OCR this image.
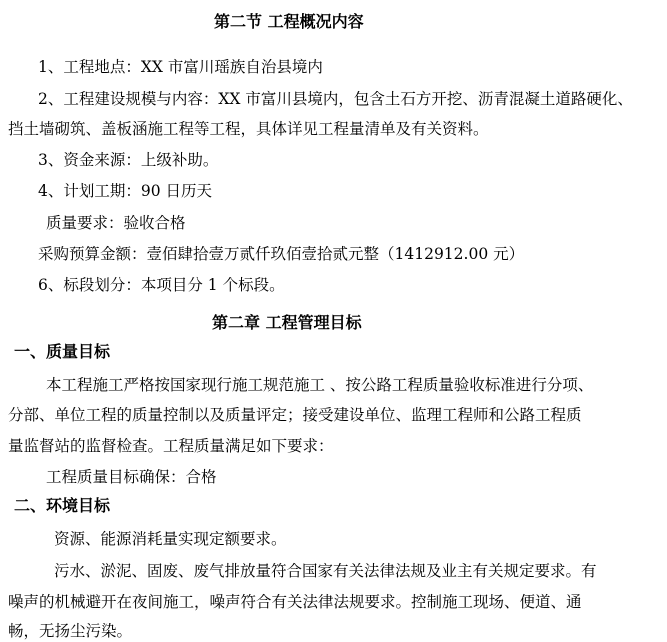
第二节 工程概况内容
1、工程地点：XX 市富川瑶族自治县境内
2、工程建设规模与内容：XX 市富川县境内，包含土石方开挖、沥青混凝土道路硬化、
挡土墙砌筑、盖板涵施工程等工程，具体详见工程量清单及有关资料。
3、资金来源：上级补助。
4、计划工期：90 日历天
质量要求：验收合格
采购预算金额：壹佰肆拾壹万贰仟玖佰壹拾贰元整（1412912.00 元）
6、标段划分：本项目分 1 个标段。
第二章 工程管理目标
一、质量目标
本工程施工严格按国家现行施工规范施工 、按公路工程质量验收标准进行分项、
分部、单位工程的质量控制以及质量评定；接受建设单位、监理工程师和公路工程质
量监督站的监督检查。工程质量满足如下要求：
工程质量目标确保：合格
二、环境目标
资源、能源消耗量实现定额要求。
污水、淤泥、固废、废气排放量符合国家有关法律法规及业主有关规定要求。有
噪声的机械避开在夜间施工，噪声符合有关法律法规要求。控制施工现场、便道、通
畅，无扬尘污染。
